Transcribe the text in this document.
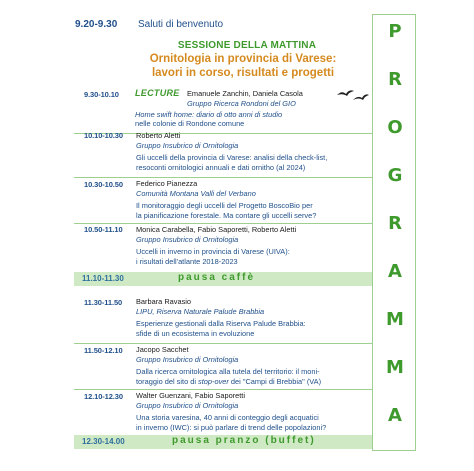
9.20-9.30 Saluti di benvenuto
SESSIONE DELLA MATTINA
Ornitologia in provincia di Varese:
lavori in corso, risultati e progetti
9.30-10.10 LECTURE Emanuele Zanchin, Daniela Casola
Gruppo Ricerca Rondoni del GIO
Home swift home: diario di otto anni di studio
nelle colonie di Rondone comune
10.10-10.30 Roberto Aletti
Gruppo Insubrico di Ornitologia
Gli uccelli della provincia di Varese: analisi della check-list,
resoconti ornitologici annuali e dati ornitho (al 2024)
10.30-10.50 Federico Pianezza
Comunità Montana Valli del Verbano
Il monitoraggio degli uccelli del Progetto BoscoBio per
la pianificazione forestale. Ma contare gli uccelli serve?
10.50-11.10 Monica Carabella, Fabio Saporetti, Roberto Aletti
Gruppo Insubrico di Ornitologia
Uccelli in inverno in provincia di Varese (UIVA):
i risultati dell'atlante 2018-2023
11.10-11.30	pausa caffè
11.30-11.50 Barbara Ravasio
LIPU, Riserva Naturale Palude Brabbia
Esperienze gestionali dalla Riserva Palude Brabbia:
sfide di un ecosistema in evoluzione
11.50-12.10 Jacopo Sacchet
Gruppo Insubrico di Ornitologia
Dalla ricerca ornitologica alla tutela del territorio: il moni-
toraggio del sito di stop-over dei "Campi di Brebbia" (VA)
12.10-12.30 Walter Guenzani, Fabio Saporetti
Gruppo Insubrico di Ornitologia
Una storia varesina, 40 anni di conteggio degli acquatici
in inverno (IWC): si può parlare di trend delle popolazioni?
12.30-14.00	pausa pranzo (buffet)
P
R
O
G
R
A
M
M
A
